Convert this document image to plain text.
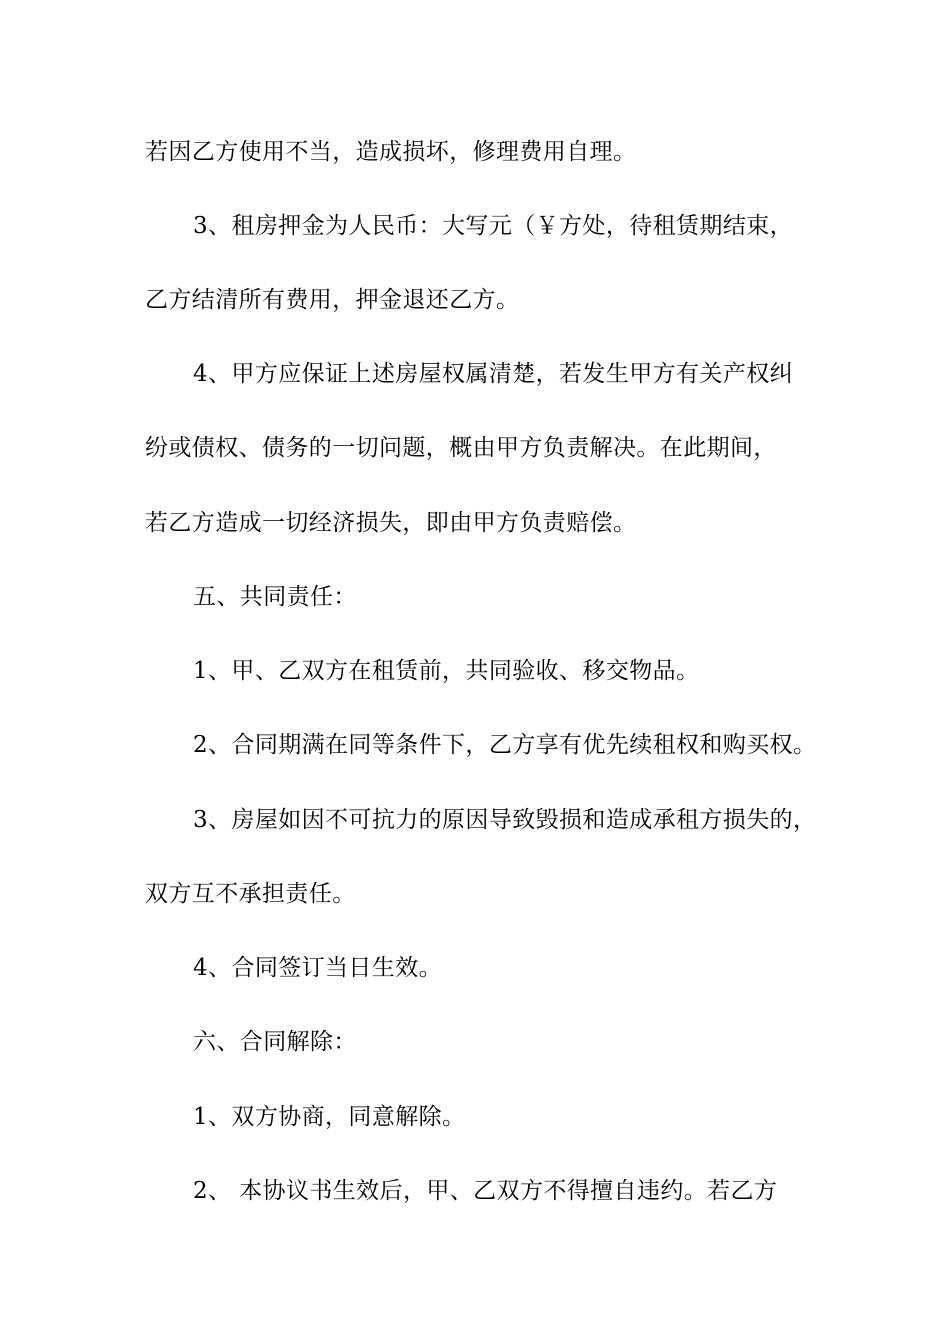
若因乙方使用不当，造成损坏，修理费用自理。
3、租房押金为人民币：大写元（￥方处，待租赁期结束，
乙方结清所有费用，押金退还乙方。
4、甲方应保证上述房屋权属清楚，若发生甲方有关产权纠
纷或债权、债务的一切问题，概由甲方负责解决。在此期间，
若乙方造成一切经济损失，即由甲方负责赔偿。
五、共同责任：
1、甲、乙双方在租赁前，共同验收、移交物品。
2、合同期满在同等条件下，乙方享有优先续租权和购买权。
3、房屋如因不可抗力的原因导致毁损和造成承租方损失的，
双方互不承担责任。
4、合同签订当日生效。
六、合同解除：
1、双方协商，同意解除。
2、 本协议书生效后，甲、乙双方不得擅自违约。若乙方
